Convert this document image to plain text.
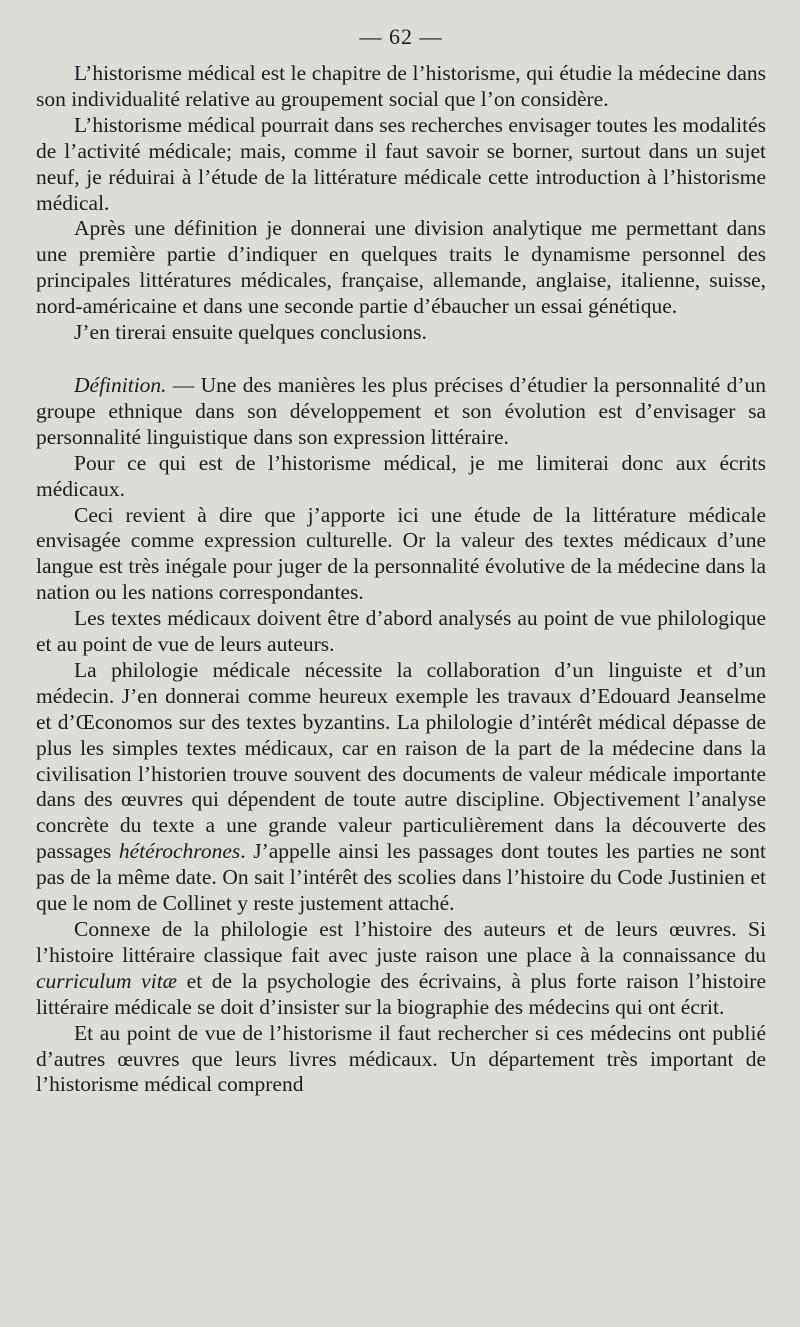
— 62 —

L’historisme médical est le chapitre de l’historisme, qui étudie la médecine dans son individualité relative au groupement social que l’on considère.

L’historisme médical pourrait dans ses recherches envisager toutes les modalités de l’activité médicale; mais, comme il faut savoir se borner, surtout dans un sujet neuf, je réduirai à l’étude de la littérature médicale cette introduction à l’historisme médical.

Après une définition je donnerai une division analytique me permettant dans une première partie d’indiquer en quelques traits le dynamisme personnel des principales littératures médicales, française, allemande, anglaise, italienne, suisse, nord-américaine et dans une seconde partie d’ébaucher un essai génétique.

J’en tirerai ensuite quelques conclusions.

Définition. — Une des manières les plus précises d’étudier la personnalité d’un groupe ethnique dans son développement et son évolution est d’envisager sa personnalité linguistique dans son expression littéraire.

Pour ce qui est de l’historisme médical, je me limiterai donc aux écrits médicaux.

Ceci revient à dire que j’apporte ici une étude de la littérature médicale envisagée comme expression culturelle. Or la valeur des textes médicaux d’une langue est très inégale pour juger de la personnalité évolutive de la médecine dans la nation ou les nations correspondantes.

Les textes médicaux doivent être d’abord analysés au point de vue philologique et au point de vue de leurs auteurs.

La philologie médicale nécessite la collaboration d’un linguiste et d’un médecin. J’en donnerai comme heureux exemple les travaux d’Edouard Jeanselme et d’Œconomos sur des textes byzantins. La philologie d’intérêt médical dépasse de plus les simples textes médicaux, car en raison de la part de la médecine dans la civilisation l’historien trouve souvent des documents de valeur médicale importante dans des œuvres qui dépendent de toute autre discipline. Objectivement l’analyse concrète du texte a une grande valeur particulièrement dans la découverte des passages hétérochrones. J’appelle ainsi les passages dont toutes les parties ne sont pas de la même date. On sait l’intérêt des scolies dans l’histoire du Code Justinien et que le nom de Collinet y reste justement attaché.

Connexe de la philologie est l’histoire des auteurs et de leurs œuvres. Si l’histoire littéraire classique fait avec juste raison une place à la connaissance du curriculum vitæ et de la psychologie des écrivains, à plus forte raison l’histoire littéraire médicale se doit d’insister sur la biographie des médecins qui ont écrit.

Et au point de vue de l’historisme il faut rechercher si ces médecins ont publié d’autres œuvres que leurs livres médicaux. Un département très important de l’historisme médical comprend
